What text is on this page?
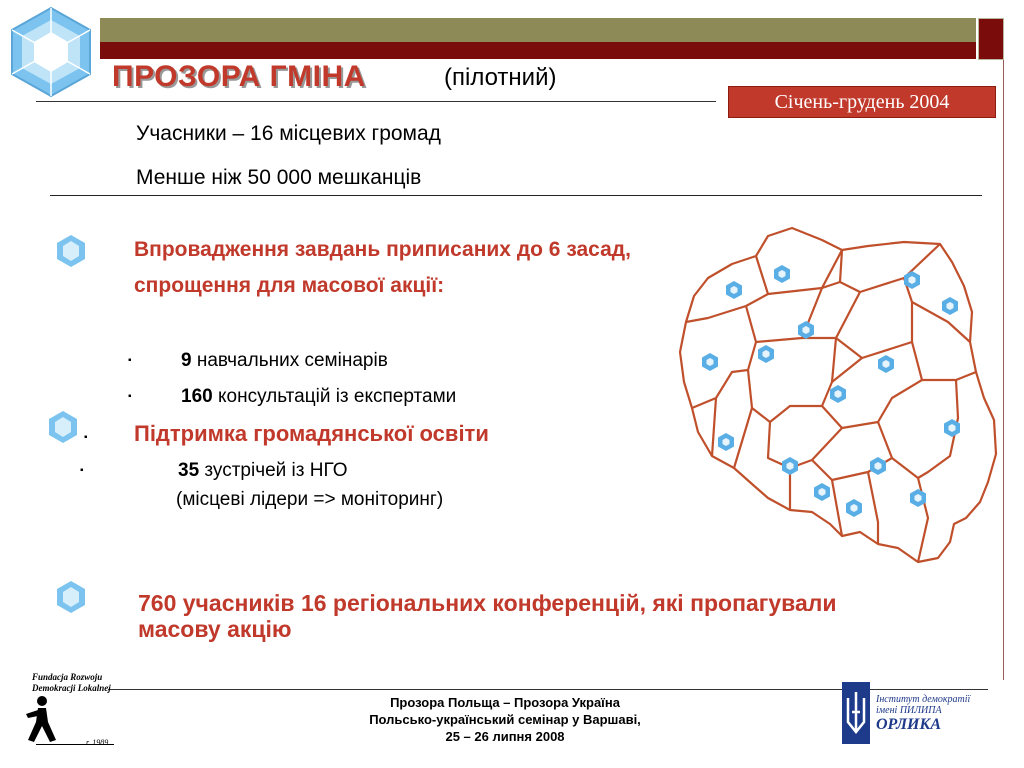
ПРОЗОРА ГМІНА	(пілотний)
Січень-грудень 2004
Учасники – 16 місцевих громад
Менше ніж 50 000 мешканців
Впровадження завдань приписаних до 6 засад, спрощення для масової акції:
▪	9 навчальних семінарів
▪	160 консультацій із експертами
▪ Підтримка громадянської освіти
▪	35 зустрічей із НГО
(місцеві лідери => моніторинг)
760 учасників 16 регіональних конференцій, які пропагували масову акцію
Fundacja Rozwoju
Demokracji Lokalnej
r. 1989
Прозора Польща – Прозора Україна
Польсько-український семінар у Варшаві,
25 – 26 липня 2008
Інститут демократії
імені ПИЛИПА
ОРЛИКА
